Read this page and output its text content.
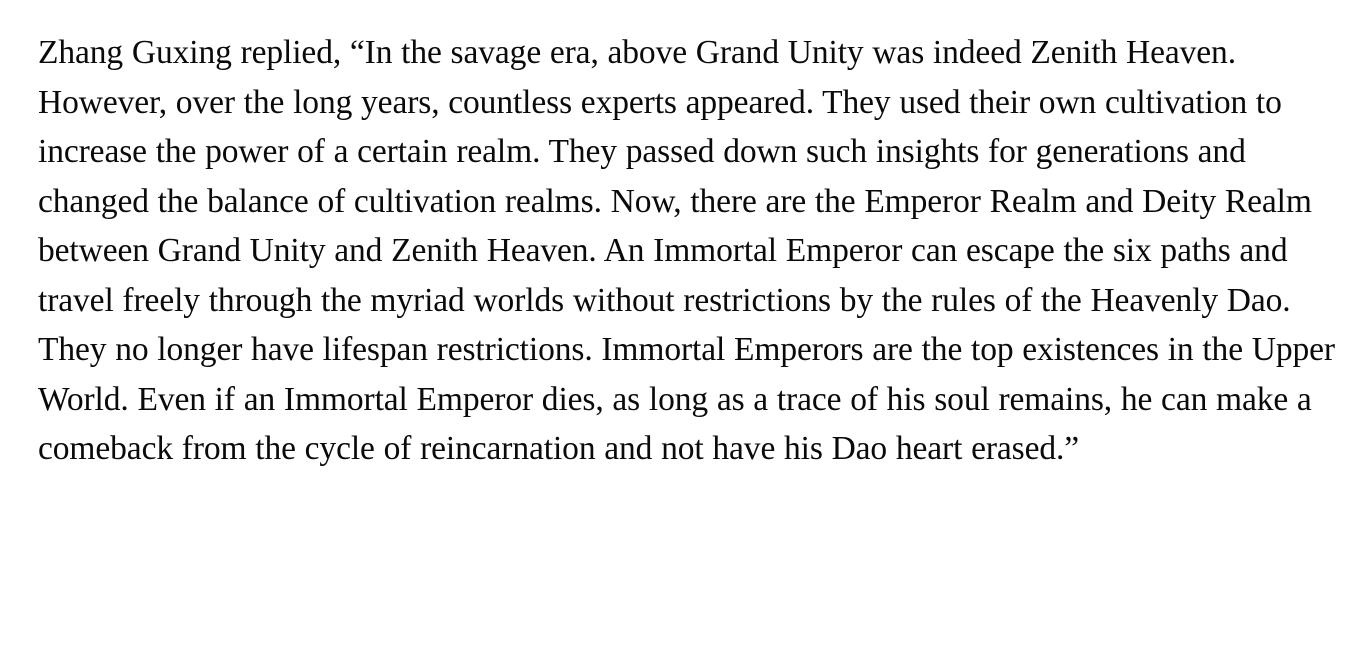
Zhang Guxing replied, “In the savage era, above Grand Unity was indeed Zenith Heaven. However, over the long years, countless experts appeared. They used their own cultivation to increase the power of a certain realm. They passed down such insights for generations and changed the balance of cultivation realms. Now, there are the Emperor Realm and Deity Realm between Grand Unity and Zenith Heaven. An Immortal Emperor can escape the six paths and travel freely through the myriad worlds without restrictions by the rules of the Heavenly Dao. They no longer have lifespan restrictions. Immortal Emperors are the top existences in the Upper World. Even if an Immortal Emperor dies, as long as a trace of his soul remains, he can make a comeback from the cycle of reincarnation and not have his Dao heart erased.”
